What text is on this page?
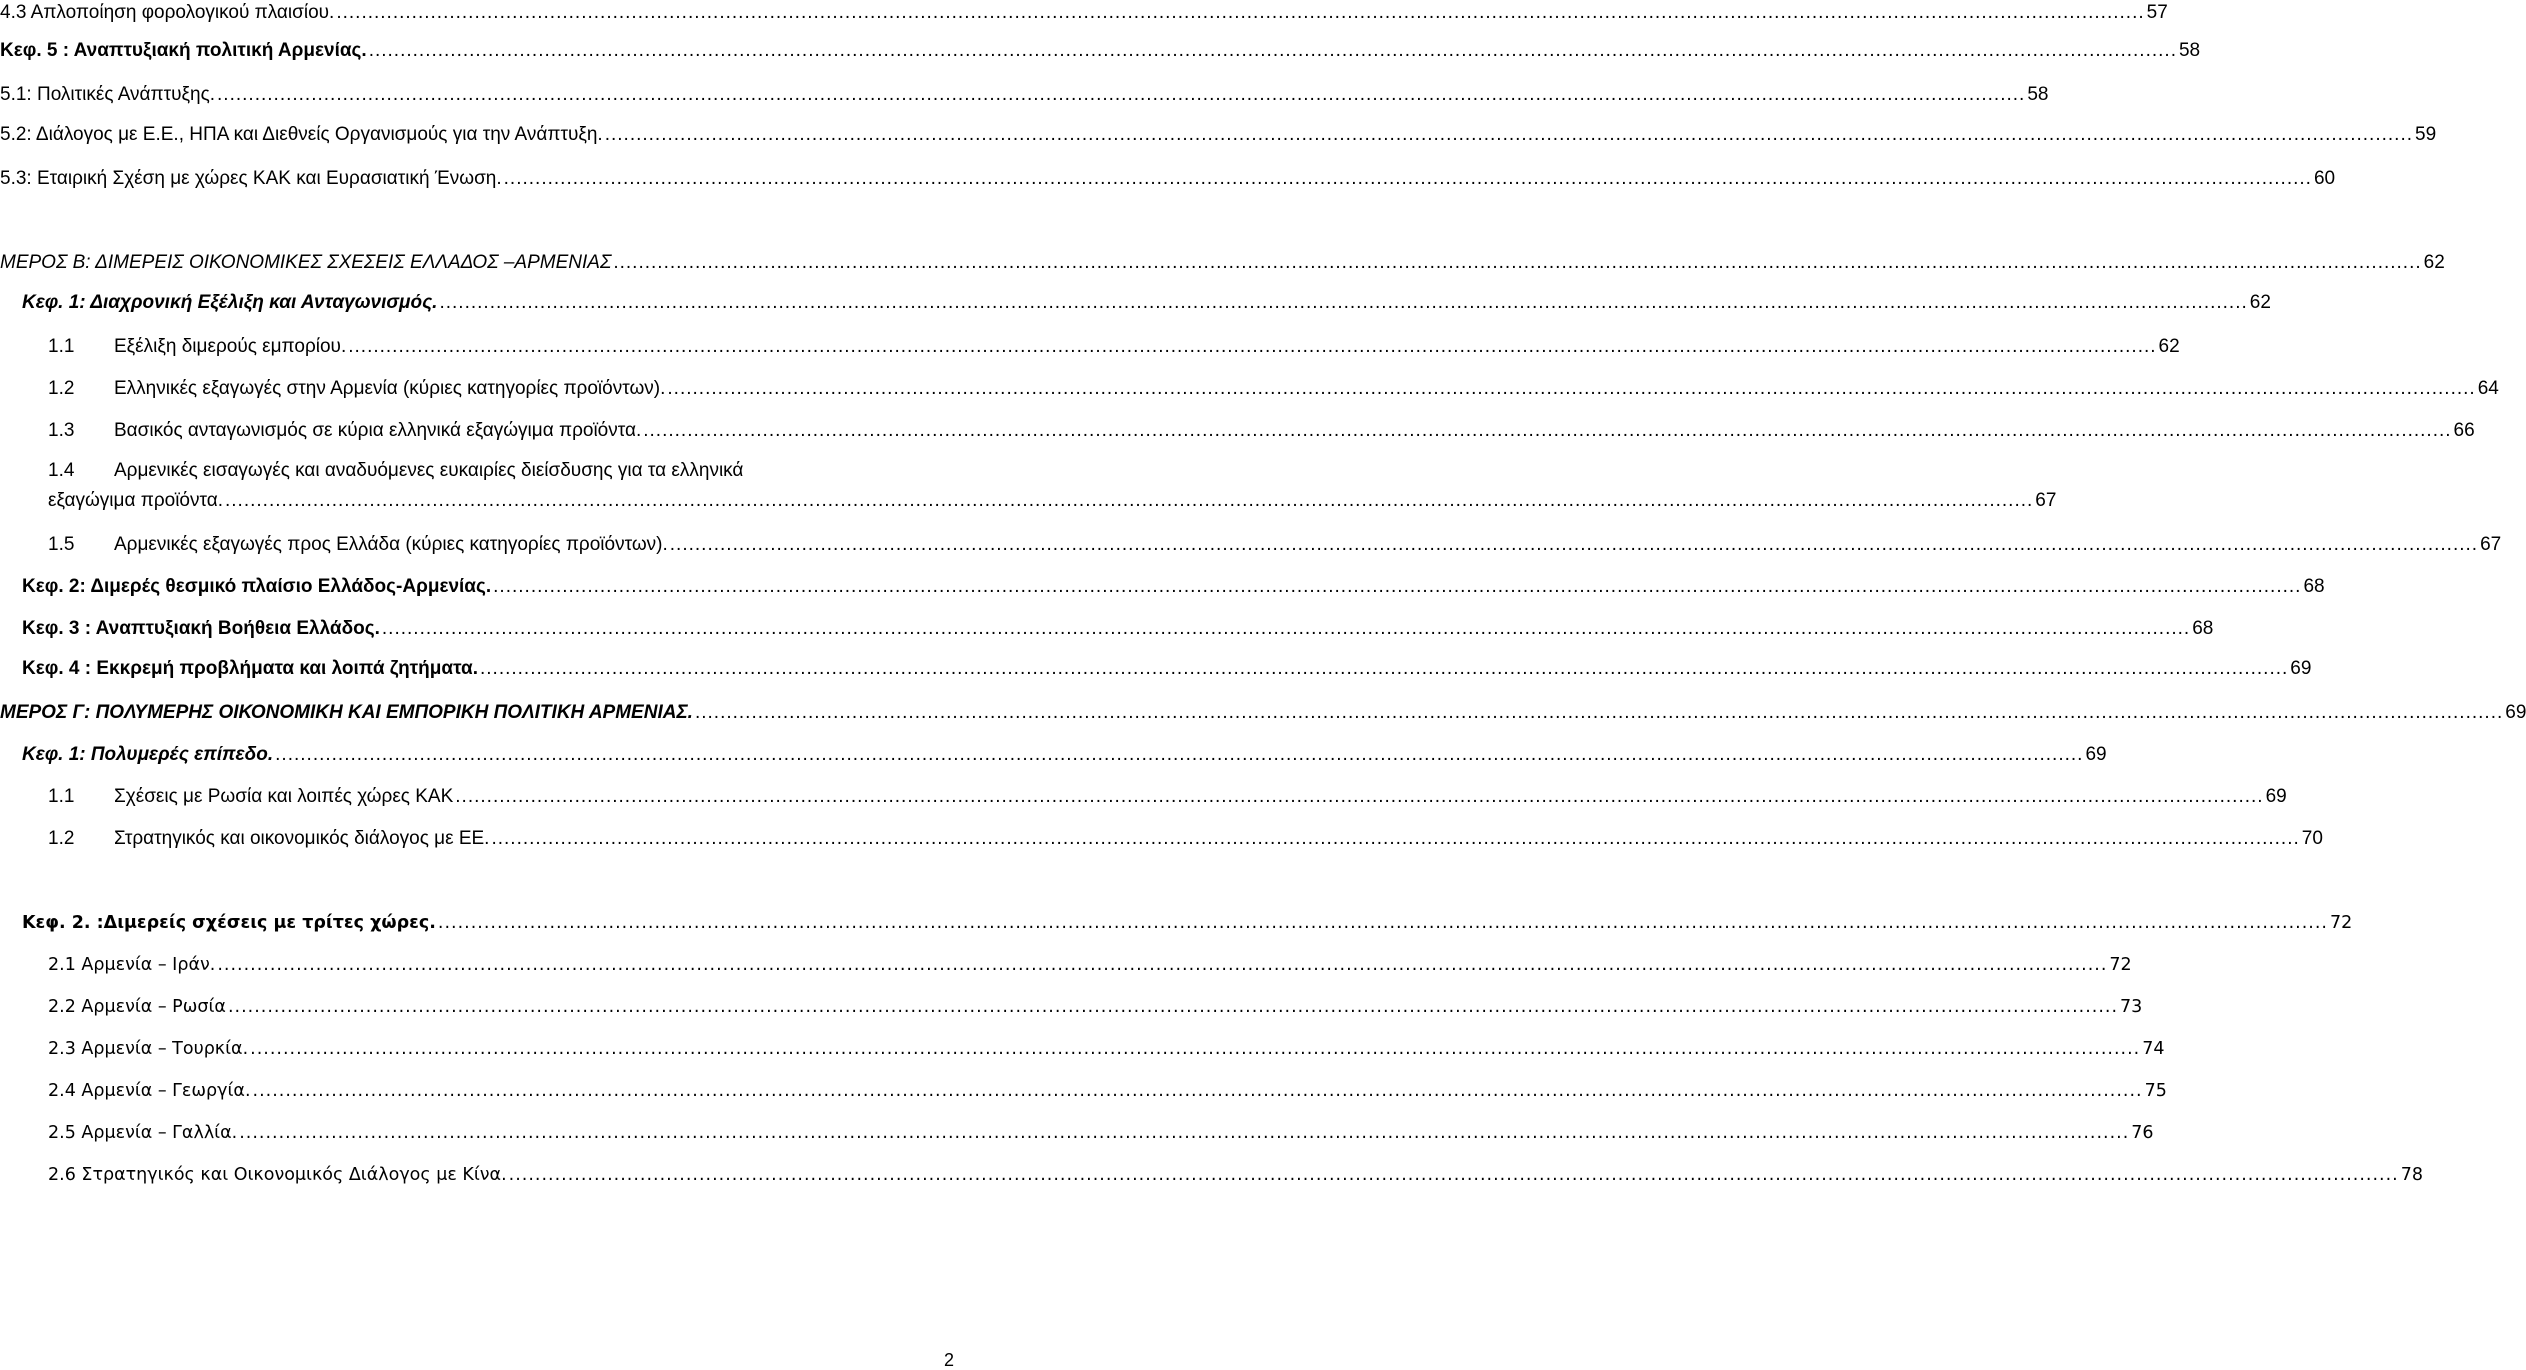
4.3 Απλοποίηση φορολογικού πλαισίου. .....	57
Κεφ. 5 : Αναπτυξιακή πολιτική Αρμενίας. .....	58
5.1: Πολιτικές Ανάπτυξης. .....	58
5.2: Διάλογος με Ε.Ε., ΗΠΑ και Διεθνείς Οργανισμούς για την Ανάπτυξη. .....	59
5.3: Εταιρική Σχέση με χώρες ΚΑΚ και Ευρασιατική Ένωση. .....	60
ΜΕΡΟΣ Β: ΔΙΜΕΡΕΙΣ ΟΙΚΟΝΟΜΙΚΕΣ ΣΧΕΣΕΙΣ ΕΛΛΑΔΟΣ –ΑΡΜΕΝΙΑΣ .....	62
Κεφ. 1: Διαχρονική Εξέλιξη και Ανταγωνισμός. .....	62
1.1 Εξέλιξη διμερούς εμπορίου. .....	62
1.2 Ελληνικές εξαγωγές στην Αρμενία (κύριες κατηγορίες προϊόντων). .....	64
1.3 Βασικός ανταγωνισμός σε κύρια ελληνικά εξαγώγιμα προϊόντα. .....	66
1.4 Αρμενικές εισαγωγές και αναδυόμενες ευκαιρίες διείσδυσης για τα ελληνικά
εξαγώγιμα προϊόντα. .....	67
1.5 Αρμενικές εξαγωγές προς Ελλάδα (κύριες κατηγορίες προϊόντων). .....	67
Κεφ. 2: Διμερές θεσμικό πλαίσιο Ελλάδος-Αρμενίας. .....	68
Κεφ. 3 : Αναπτυξιακή Βοήθεια Ελλάδος. .....	68
Κεφ. 4 : Εκκρεμή προβλήματα και λοιπά ζητήματα. .....	69
ΜΕΡΟΣ Γ: ΠΟΛΥΜΕΡΗΣ ΟΙΚΟΝΟΜΙΚΗ ΚΑΙ ΕΜΠΟΡΙΚΗ ΠΟΛΙΤΙΚΗ ΑΡΜΕΝΙΑΣ. .....	69
Κεφ. 1: Πολυμερές επίπεδο. .....	69
1.1 Σχέσεις με Ρωσία και λοιπές χώρες ΚΑΚ .....	69
1.2 Στρατηγικός και οικονομικός διάλογος με ΕΕ. .....	70
Κεφ. 2. :Διμερείς σχέσεις με τρίτες χώρες. .....	72
2.1 Αρμενία – Ιράν. .....	72
2.2 Αρμενία – Ρωσία .....	73
2.3 Αρμενία – Τουρκία. .....	74
2.4 Αρμενία – Γεωργία. .....	75
2.5 Αρμενία – Γαλλία. .....	76
2.6 Στρατηγικός και Οικονομικός Διάλογος με Κίνα. .....	78
2
